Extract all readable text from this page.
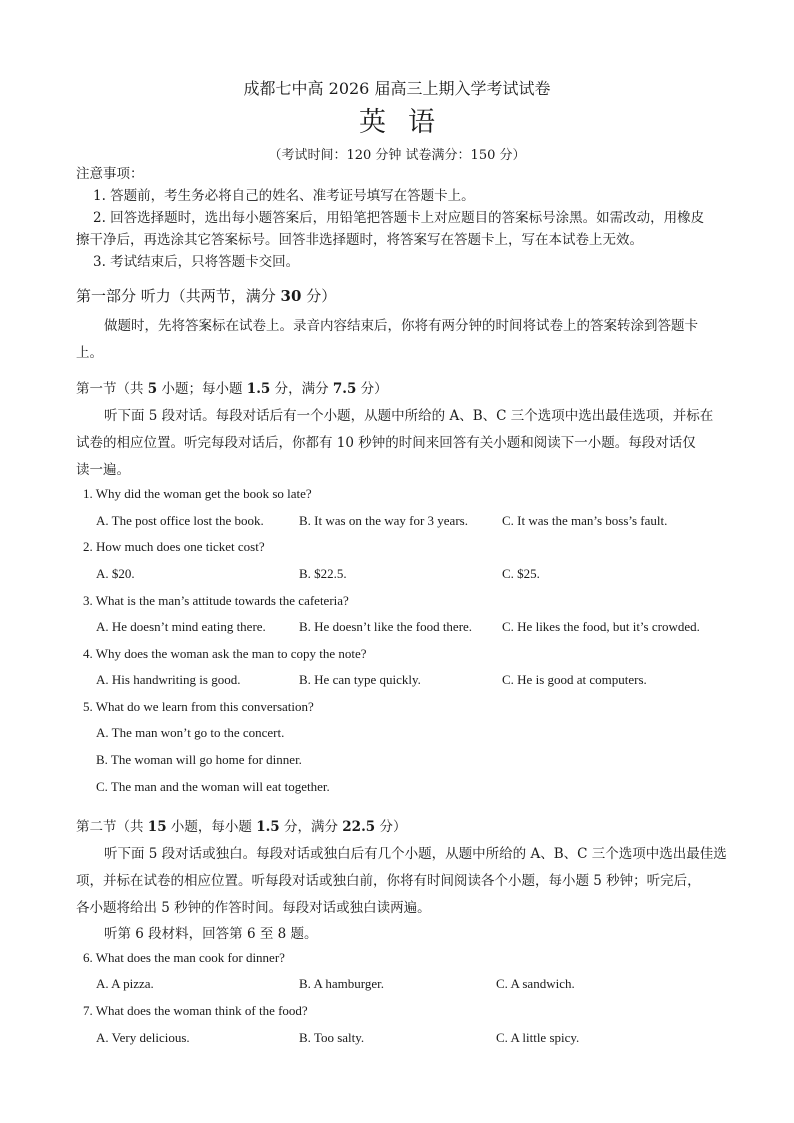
成都七中高 2026 届高三上期入学考试试卷
英语
（考试时间：120 分钟 试卷满分：150 分）
注意事项：
1. 答题前，考生务必将自己的姓名、准考证号填写在答题卡上。
2. 回答选择题时，选出每小题答案后，用铅笔把答题卡上对应题目的答案标号涂黑。如需改动，用橡皮
擦干净后，再选涂其它答案标号。回答非选择题时，将答案写在答题卡上，写在本试卷上无效。
3. 考试结束后，只将答题卡交回。
第一部分 听力（共两节，满分 30 分）
做题时，先将答案标在试卷上。录音内容结束后，你将有两分钟的时间将试卷上的答案转涂到答题卡
上。
第一节（共 5 小题；每小题 1.5 分，满分 7.5 分）
听下面 5 段对话。每段对话后有一个小题，从题中所给的 A、B、C 三个选项中选出最佳选项，并标在
试卷的相应位置。听完每段对话后，你都有 10 秒钟的时间来回答有关小题和阅读下一小题。每段对话仅
读一遍。
1. Why did the woman get the book so late?
A. The post office lost the book.	B. It was on the way for 3 years.	C. It was the man’s boss’s fault.
2. How much does one ticket cost?
A. $20.	B. $22.5.	C. $25.
3. What is the man’s attitude towards the cafeteria?
A. He doesn’t mind eating there.	B. He doesn’t like the food there. C. He likes the food, but it’s crowded.
4. Why does the woman ask the man to copy the note?
A. His handwriting is good.	B. He can type quickly.	C. He is good at computers.
5. What do we learn from this conversation?
A. The man won’t go to the concert.
B. The woman will go home for dinner.
C. The man and the woman will eat together.
第二节（共 15 小题，每小题 1.5 分，满分 22.5 分）
听下面 5 段对话或独白。每段对话或独白后有几个小题，从题中所给的 A、B、C 三个选项中选出最佳选
项，并标在试卷的相应位置。听每段对话或独白前，你将有时间阅读各个小题，每小题 5 秒钟；听完后，
各小题将给出 5 秒钟的作答时间。每段对话或独白读两遍。
听第 6 段材料，回答第 6 至 8 题。
6. What does the man cook for dinner?
A. A pizza.	B. A hamburger.	C. A sandwich.
7. What does the woman think of the food?
A. Very delicious.	B. Too salty.	C. A little spicy.
